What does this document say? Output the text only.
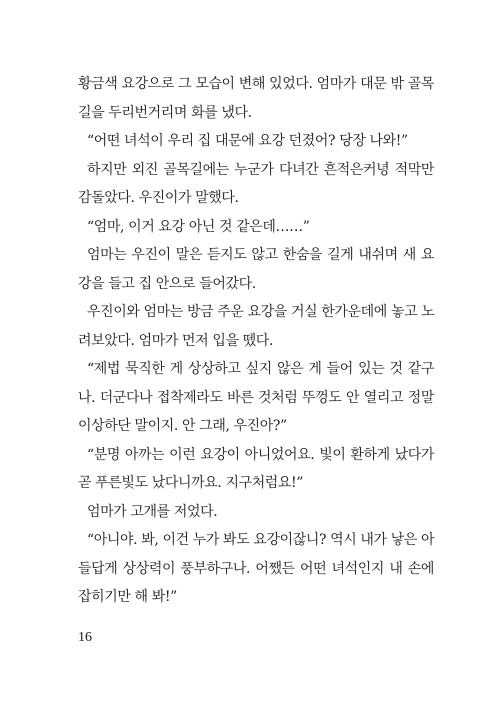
황금색 요강으로 그 모습이 변해 있었다. 엄마가 대문 밖 골목
길을 두리번거리며 화를 냈다.
“어떤 녀석이 우리 집 대문에 요강 던졌어? 당장 나와!”
하지만 외진 골목길에는 누군가 다녀간 흔적은커녕 적막만
감돌았다. 우진이가 말했다.
“엄마, 이거 요강 아닌 것 같은데……”
엄마는 우진이 말은 듣지도 않고 한숨을 길게 내쉬며 새 요
강을 들고 집 안으로 들어갔다.
우진이와 엄마는 방금 주운 요강을 거실 한가운데에 놓고 노
려보았다. 엄마가 먼저 입을 뗐다.
“제법 묵직한 게 상상하고 싶지 않은 게 들어 있는 것 같구
나. 더군다나 접착제라도 바른 것처럼 뚜껑도 안 열리고 정말
이상하단 말이지. 안 그래, 우진아?”
“분명 아까는 이런 요강이 아니었어요. 빛이 환하게 났다가
곧 푸른빛도 났다니까요. 지구처럼요!”
엄마가 고개를 저었다.
“아니야. 봐, 이건 누가 봐도 요강이잖니? 역시 내가 낳은 아
들답게 상상력이 풍부하구나. 어쨌든 어떤 녀석인지 내 손에
잡히기만 해 봐!”
16
